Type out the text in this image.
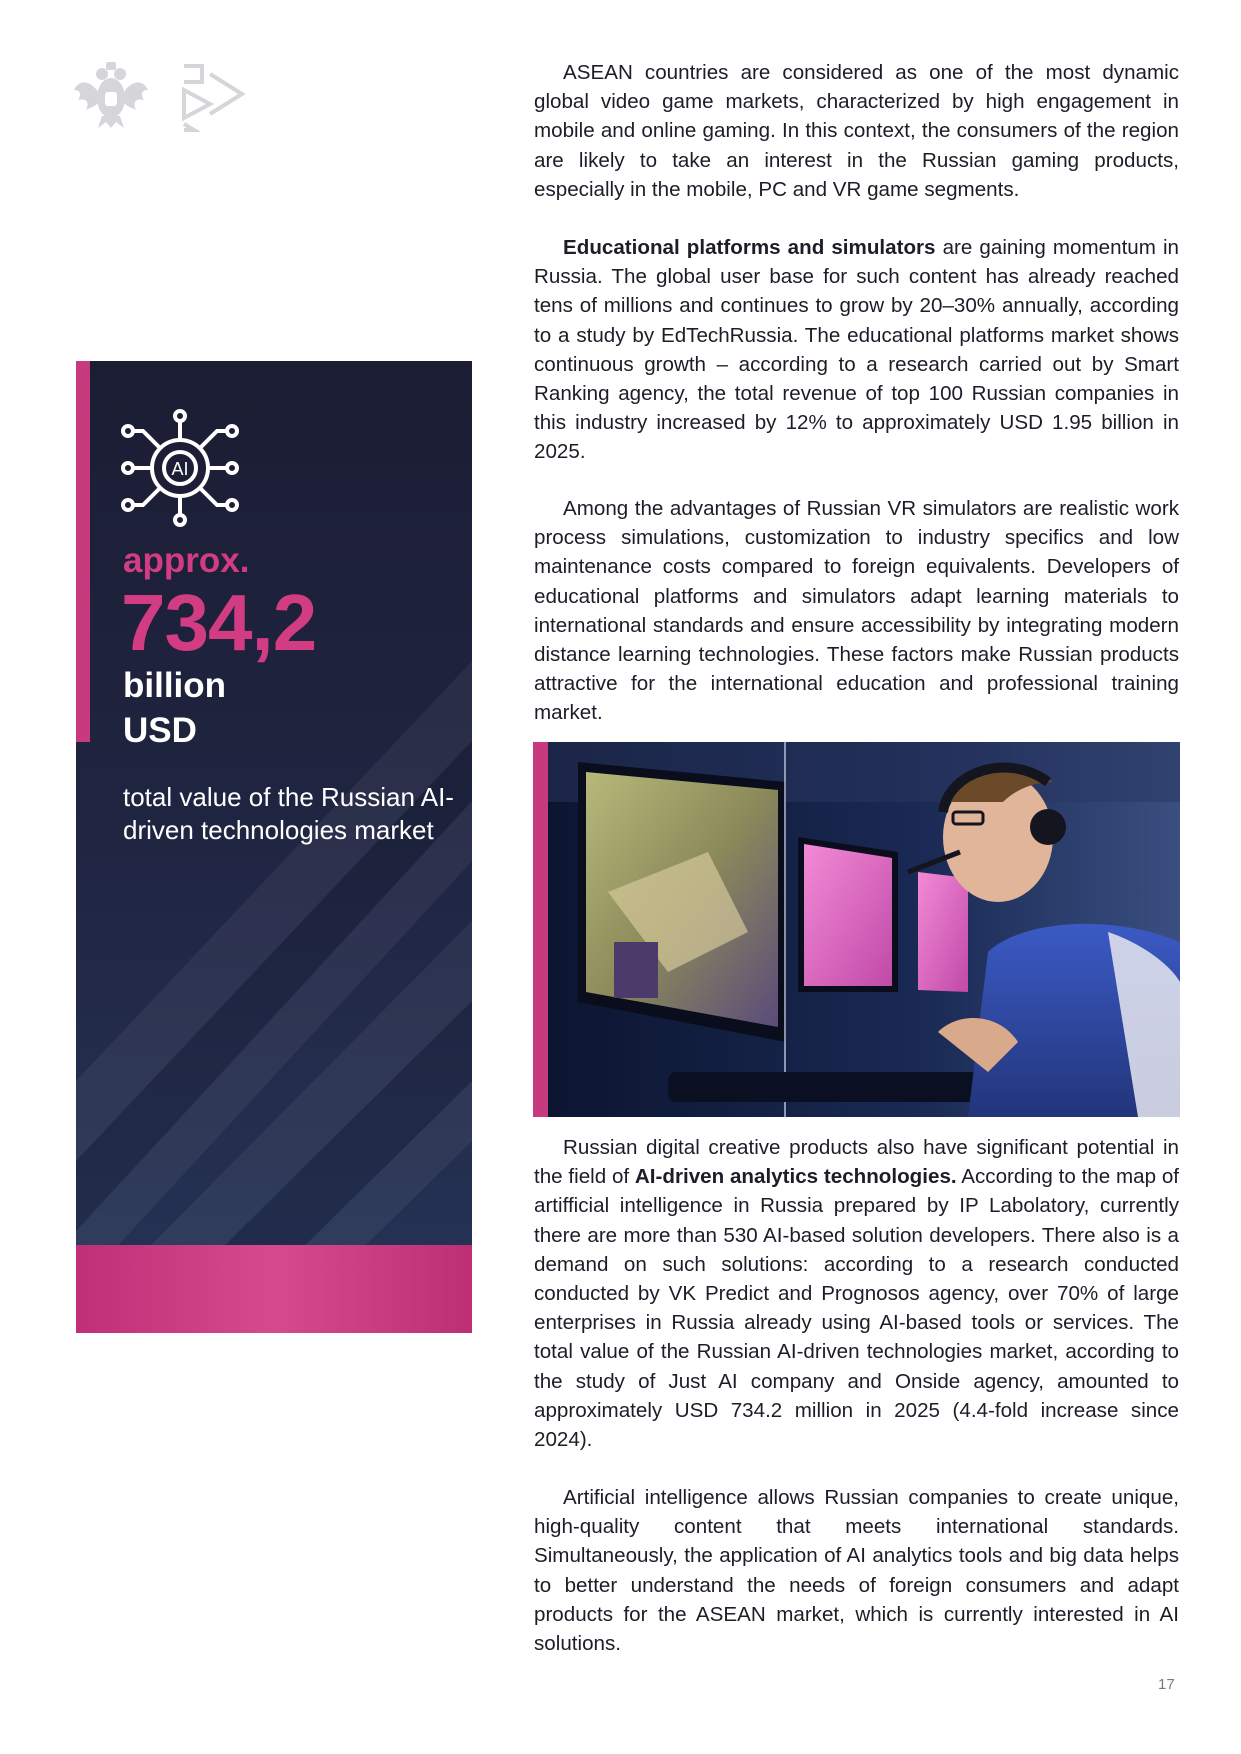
ASEAN countries are considered as one of the most dynamic global video game markets, characterized by high engagement in mobile and online gaming. In this context, the consumers of the region are likely to take an interest in the Russian gaming products, especially in the mobile, PC and VR game segments.

Educational platforms and simulators are gaining momentum in Russia. The global user base for such content has already reached tens of millions and continues to grow by 20–30% annually, according to a study by EdTechRussia. The educational platforms market shows continuous growth – according to a research carried out by Smart Ranking agency, the total revenue of top 100 Russian companies in this industry increased by 12% to approximately USD 1.95 billion in 2025.

Among the advantages of Russian VR simulators are realistic work process simulations, customization to industry specifics and low maintenance costs compared to foreign equivalents. Developers of educational platforms and simulators adapt learning materials to international standards and ensure accessibility by integrating modern distance learning technologies. These factors make Russian products attractive for the international education and professional training market.

Russian digital creative products also have significant potential in the field of AI-driven analytics technologies. According to the map of artifficial intelligence in Russia prepared by IP Labolatory, currently there are more than 530 AI-based solution developers. There also is a demand on such solutions: according to a research conducted conducted by VK Predict and Prognosos agency, over 70% of large enterprises in Russia already using AI-based tools or services. The total value of the Russian AI-driven technologies market, according to the study of Just AI company and Onside agency, amounted to approximately USD 734.2 million in 2025 (4.4-fold increase since 2024).

Artificial intelligence allows Russian companies to create unique, high-quality content that meets international standards. Simultaneously, the application of AI analytics tools and big data helps to better understand the needs of foreign consumers and adapt products for the ASEAN market, which is currently interested in AI solutions.

AI
approx.
734,2
billion
USD
total value of the Russian AI-driven technologies market
17
